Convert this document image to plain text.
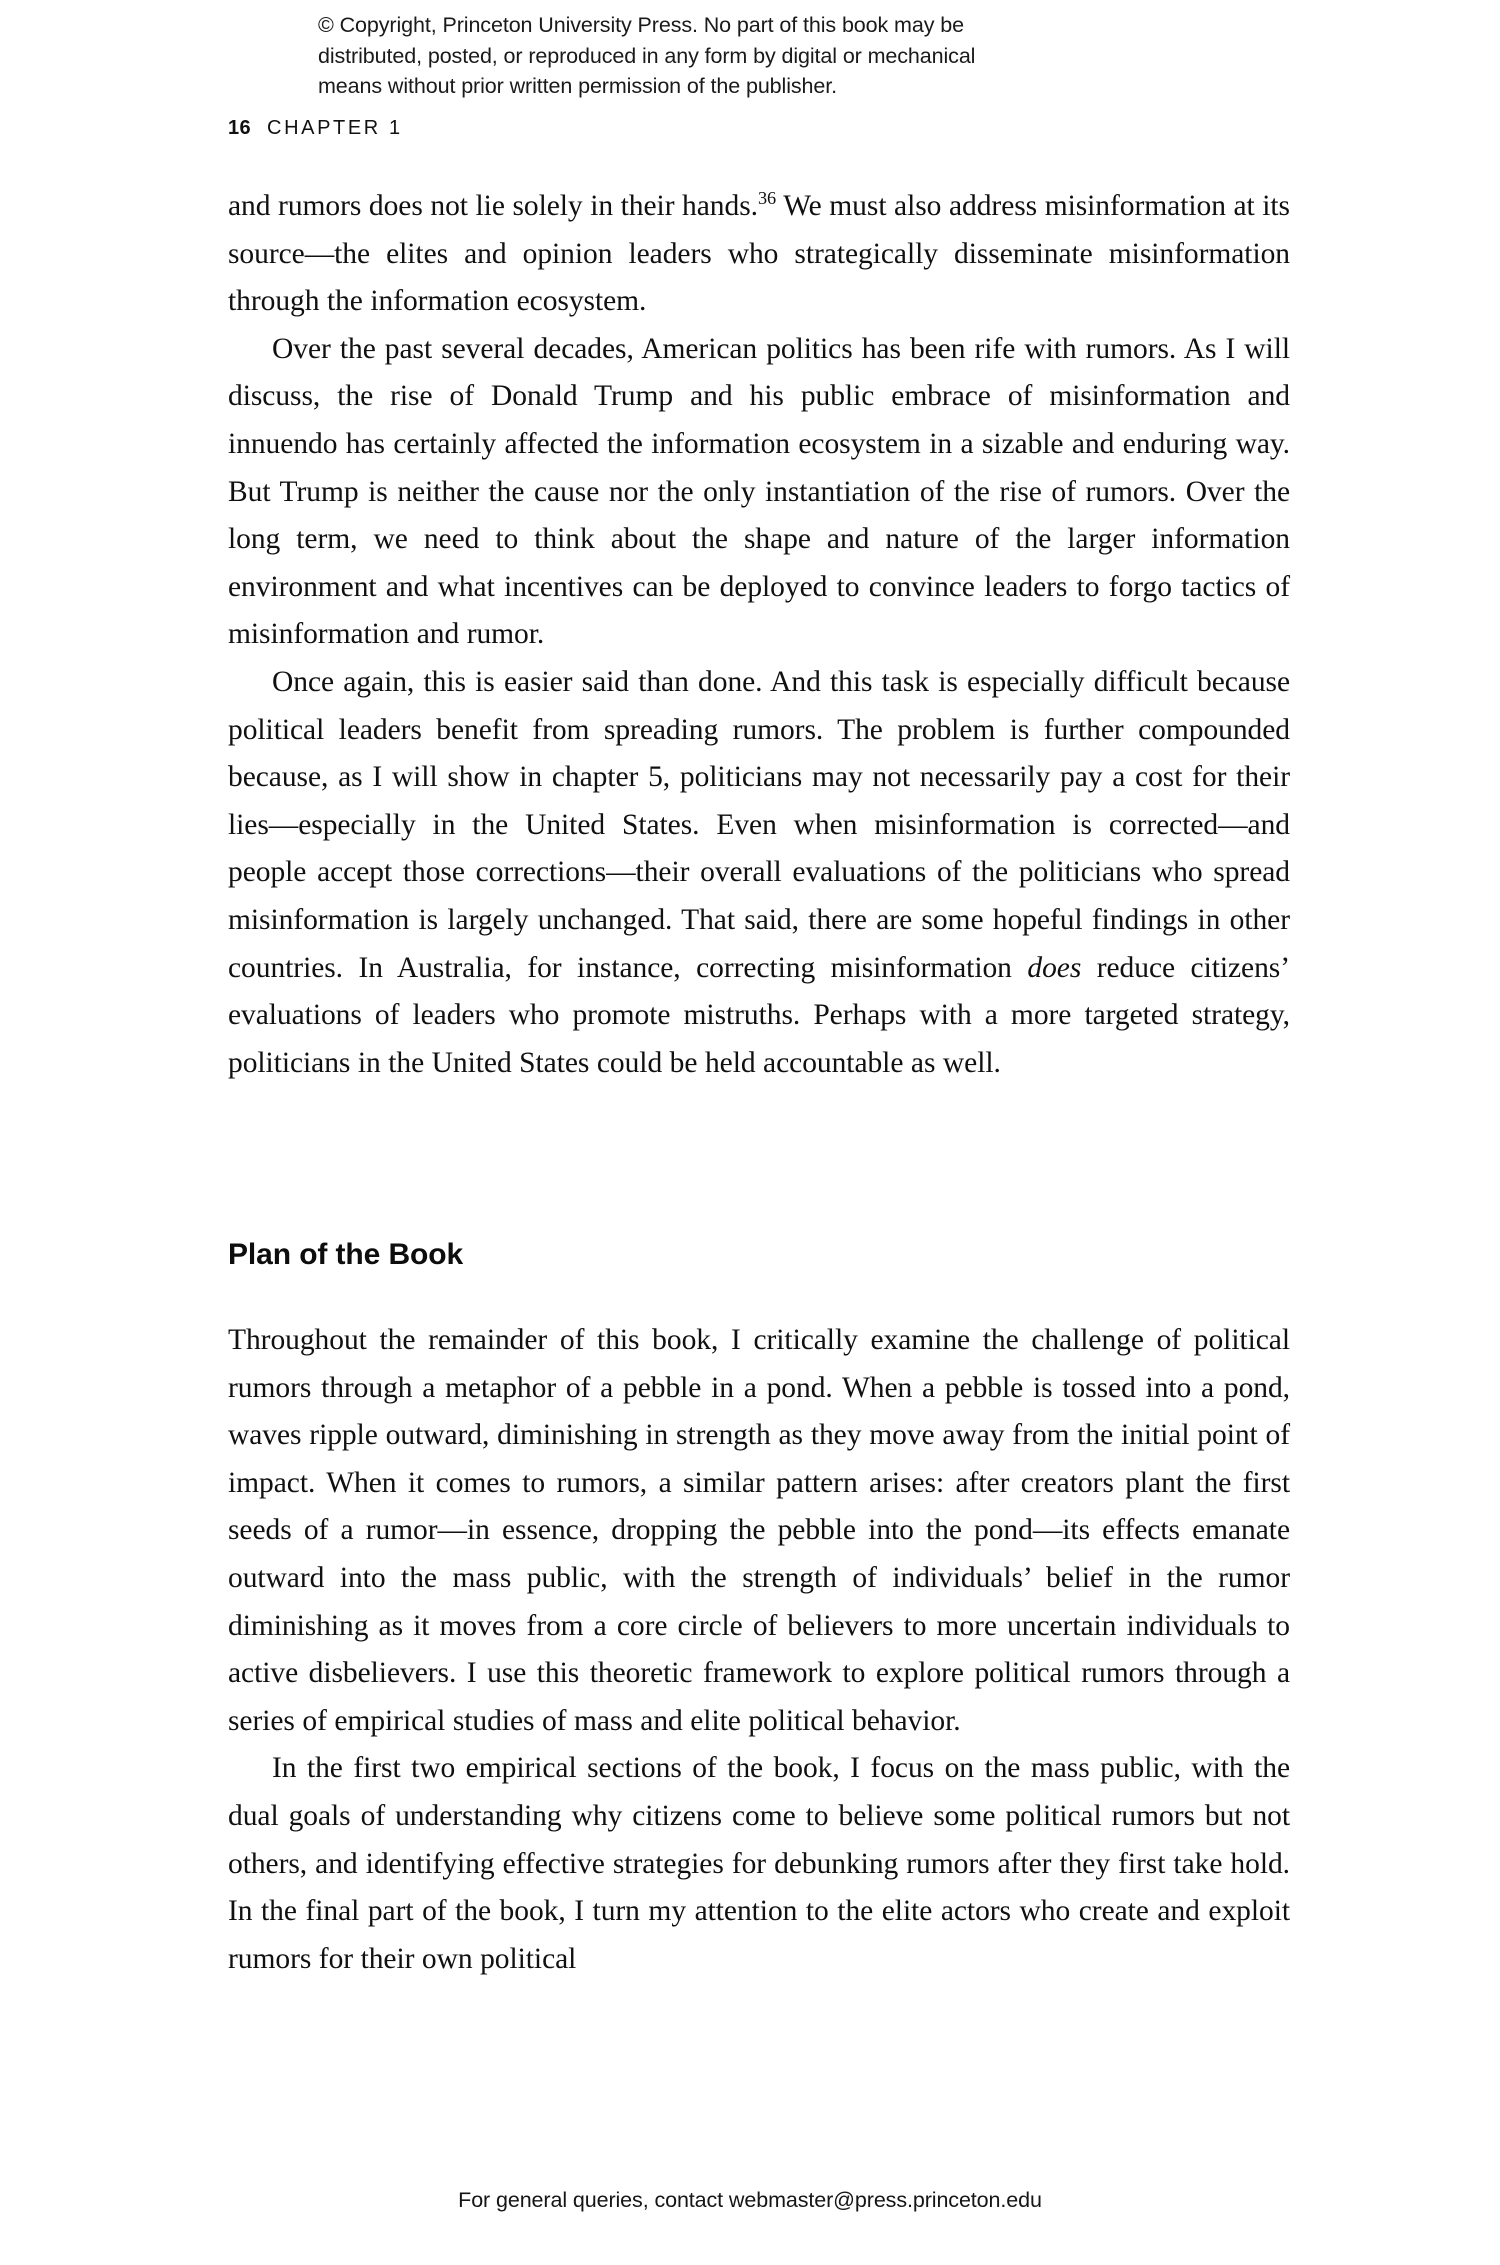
© Copyright, Princeton University Press. No part of this book may be
distributed, posted, or reproduced in any form by digital or mechanical
means without prior written permission of the publisher.
16 CHAPTER 1

and rumors does not lie solely in their hands.$^{36}$ We must also address misinformation at its source—the elites and opinion leaders who strategically disseminate misinformation through the information ecosystem.

Over the past several decades, American politics has been rife with rumors. As I will discuss, the rise of Donald Trump and his public embrace of misinformation and innuendo has certainly affected the information ecosystem in a sizable and enduring way. But Trump is neither the cause nor the only instantiation of the rise of rumors. Over the long term, we need to think about the shape and nature of the larger information environment and what incentives can be deployed to convince leaders to forgo tactics of misinformation and rumor.

Once again, this is easier said than done. And this task is especially difficult because political leaders benefit from spreading rumors. The problem is further compounded because, as I will show in chapter 5, politicians may not necessarily pay a cost for their lies—especially in the United States. Even when misinformation is corrected—and people accept those corrections—their overall evaluations of the politicians who spread misinformation is largely unchanged. That said, there are some hopeful findings in other countries. In Australia, for instance, correcting misinformation does reduce citizens’ evaluations of leaders who promote mistruths. Perhaps with a more targeted strategy, politicians in the United States could be held accountable as well.

Plan of the Book

Throughout the remainder of this book, I critically examine the challenge of political rumors through a metaphor of a pebble in a pond. When a pebble is tossed into a pond, waves ripple outward, diminishing in strength as they move away from the initial point of impact. When it comes to rumors, a similar pattern arises: after creators plant the first seeds of a rumor—in essence, dropping the pebble into the pond—its effects emanate outward into the mass public, with the strength of individuals’ belief in the rumor diminishing as it moves from a core circle of believers to more uncertain individuals to active disbelievers. I use this theoretic framework to explore political rumors through a series of empirical studies of mass and elite political behavior.

In the first two empirical sections of the book, I focus on the mass public, with the dual goals of understanding why citizens come to believe some political rumors but not others, and identifying effective strategies for debunking rumors after they first take hold. In the final part of the book, I turn my attention to the elite actors who create and exploit rumors for their own political

For general queries, contact webmaster@press.princeton.edu
